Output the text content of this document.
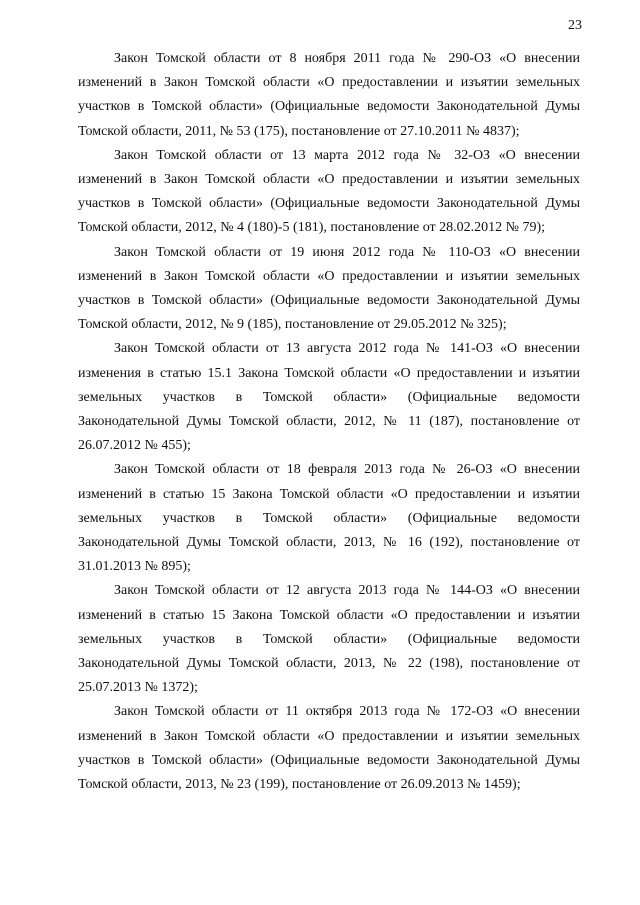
23

Закон Томской области от 8 ноября 2011 года № 290-ОЗ «О внесении изменений в Закон Томской области «О предоставлении и изъятии земельных участков в Томской области» (Официальные ведомости Законодательной Думы Томской области, 2011, № 53 (175), постановление от 27.10.2011 № 4837);

Закон Томской области от 13 марта 2012 года № 32-ОЗ «О внесении изменений в Закон Томской области «О предоставлении и изъятии земельных участков в Томской области» (Официальные ведомости Законодательной Думы Томской области, 2012, № 4 (180)-5 (181), постановление от 28.02.2012 № 79);

Закон Томской области от 19 июня 2012 года № 110-ОЗ «О внесении изменений в Закон Томской области «О предоставлении и изъятии земельных участков в Томской области» (Официальные ведомости Законодательной Думы Томской области, 2012, № 9 (185), постановление от 29.05.2012 № 325);

Закон Томской области от 13 августа 2012 года № 141-ОЗ «О внесении изменения в статью 15.1 Закона Томской области «О предоставлении и изъятии земельных участков в Томской области» (Официальные ведомости Законодательной Думы Томской области, 2012, № 11 (187), постановление от 26.07.2012 № 455);

Закон Томской области от 18 февраля 2013 года № 26-ОЗ «О внесении изменений в статью 15 Закона Томской области «О предоставлении и изъятии земельных участков в Томской области» (Официальные ведомости Законодательной Думы Томской области, 2013, № 16 (192), постановление от 31.01.2013 № 895);

Закон Томской области от 12 августа 2013 года № 144-ОЗ «О внесении изменений в статью 15 Закона Томской области «О предоставлении и изъятии земельных участков в Томской области» (Официальные ведомости Законодательной Думы Томской области, 2013, № 22 (198), постановление от 25.07.2013 № 1372);

Закон Томской области от 11 октября 2013 года № 172-ОЗ «О внесении изменений в Закон Томской области «О предоставлении и изъятии земельных участков в Томской области» (Официальные ведомости Законодательной Думы Томской области, 2013, № 23 (199), постановление от 26.09.2013 № 1459);
